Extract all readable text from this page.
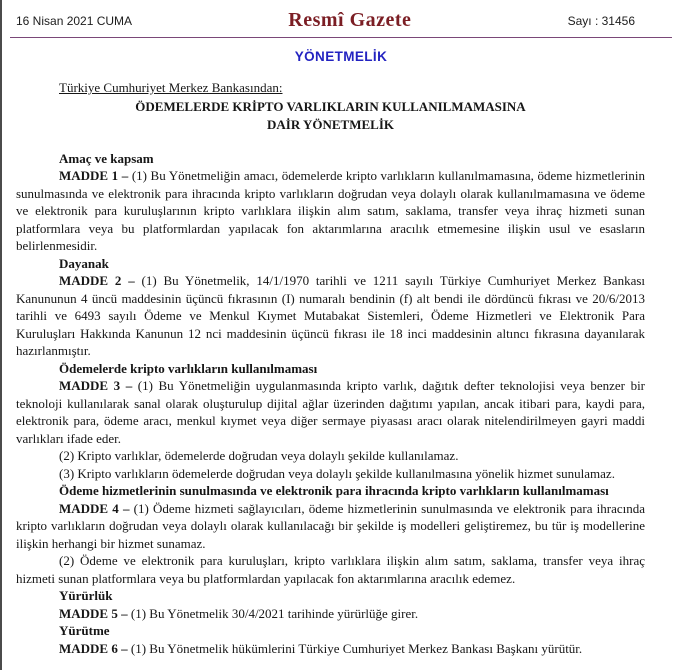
16 Nisan 2021 CUMA	Resmî Gazete	Sayı : 31456
YÖNETMELİK
Türkiye Cumhuriyet Merkez Bankasından:
ÖDEMELERDE KRİPTO VARLIKLARIN KULLANILMAMASINA
DAİR YÖNETMELİK

Amaç ve kapsam

MADDE 1 – (1) Bu Yönetmeliğin amacı, ödemelerde kripto varlıkların kullanılmamasına, ödeme hizmetlerinin sunulmasında ve elektronik para ihracında kripto varlıkların doğrudan veya dolaylı olarak kullanılmamasına ve ödeme ve elektronik para kuruluşlarının kripto varlıklara ilişkin alım satım, saklama, transfer veya ihraç hizmeti sunan platformlara veya bu platformlardan yapılacak fon aktarımlarına aracılık etmemesine ilişkin usul ve esasların belirlenmesidir.

Dayanak

MADDE 2 – (1) Bu Yönetmelik, 14/1/1970 tarihli ve 1211 sayılı Türkiye Cumhuriyet Merkez Bankası Kanununun 4 üncü maddesinin üçüncü fıkrasının (I) numaralı bendinin (f) alt bendi ile dördüncü fıkrası ve 20/6/2013 tarihli ve 6493 sayılı Ödeme ve Menkul Kıymet Mutabakat Sistemleri, Ödeme Hizmetleri ve Elektronik Para Kuruluşları Hakkında Kanunun 12 nci maddesinin üçüncü fıkrası ile 18 inci maddesinin altıncı fıkrasına dayanılarak hazırlanmıştır.

Ödemelerde kripto varlıkların kullanılmaması

MADDE 3 – (1) Bu Yönetmeliğin uygulanmasında kripto varlık, dağıtık defter teknolojisi veya benzer bir teknoloji kullanılarak sanal olarak oluşturulup dijital ağlar üzerinden dağıtımı yapılan, ancak itibari para, kaydi para, elektronik para, ödeme aracı, menkul kıymet veya diğer sermaye piyasası aracı olarak nitelendirilmeyen gayri maddi varlıkları ifade eder.

(2) Kripto varlıklar, ödemelerde doğrudan veya dolaylı şekilde kullanılamaz.

(3) Kripto varlıkların ödemelerde doğrudan veya dolaylı şekilde kullanılmasına yönelik hizmet sunulamaz.

Ödeme hizmetlerinin sunulmasında ve elektronik para ihracında kripto varlıkların kullanılmaması

MADDE 4 – (1) Ödeme hizmeti sağlayıcıları, ödeme hizmetlerinin sunulmasında ve elektronik para ihracında kripto varlıkların doğrudan veya dolaylı olarak kullanılacağı bir şekilde iş modelleri geliştiremez, bu tür iş modellerine ilişkin herhangi bir hizmet sunamaz.

(2) Ödeme ve elektronik para kuruluşları, kripto varlıklara ilişkin alım satım, saklama, transfer veya ihraç hizmeti sunan platformlara veya bu platformlardan yapılacak fon aktarımlarına aracılık edemez.

Yürürlük

MADDE 5 – (1) Bu Yönetmelik 30/4/2021 tarihinde yürürlüğe girer.

Yürütme

MADDE 6 – (1) Bu Yönetmelik hükümlerini Türkiye Cumhuriyet Merkez Bankası Başkanı yürütür.
